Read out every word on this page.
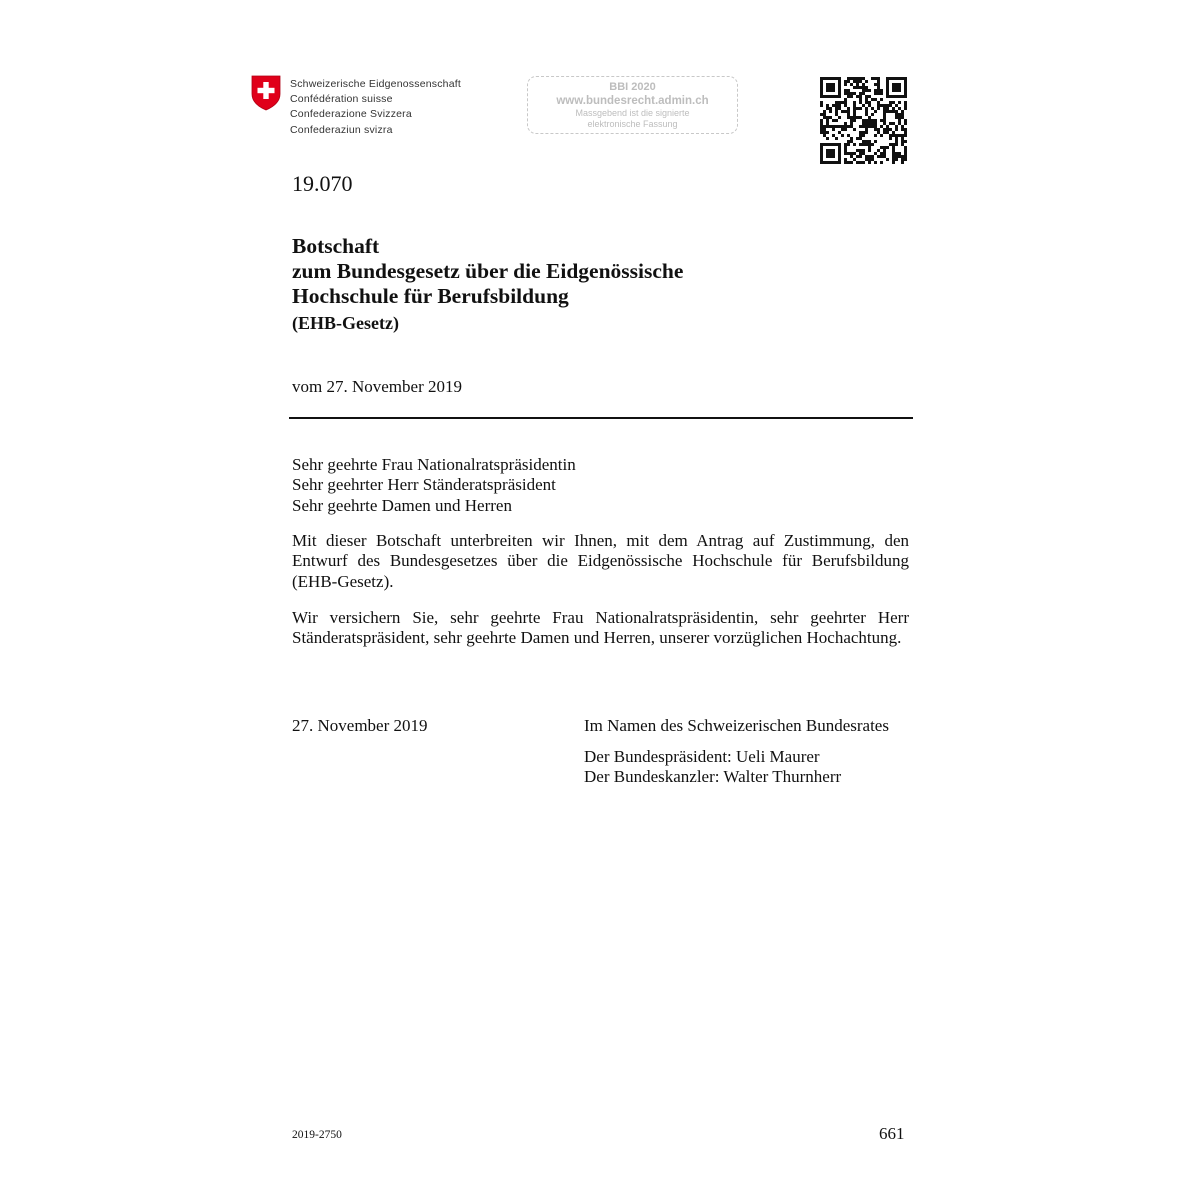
Schweizerische Eidgenossenschaft
Confédération suisse
Confederazione Svizzera
Confederaziun svizra
BBI 2020
www.bundesrecht.admin.ch
Massgebend ist die signierte
elektronische Fassung
19.070
Botschaft
zum Bundesgesetz über die Eidgenössische
Hochschule für Berufsbildung
(EHB-Gesetz)
vom 27. November 2019
Sehr geehrte Frau Nationalratspräsidentin
Sehr geehrter Herr Ständeratspräsident
Sehr geehrte Damen und Herren
Mit dieser Botschaft unterbreiten wir Ihnen, mit dem Antrag auf Zustimmung, den Entwurf des Bundesgesetzes über die Eidgenössische Hochschule für Berufsbildung (EHB-Gesetz).
Wir versichern Sie, sehr geehrte Frau Nationalratspräsidentin, sehr geehrter Herr Ständeratspräsident, sehr geehrte Damen und Herren, unserer vorzüglichen Hochachtung.
27. November 2019	Im Namen des Schweizerischen Bundesrates
Der Bundespräsident: Ueli Maurer
Der Bundeskanzler: Walter Thurnherr
2019-2750	661
